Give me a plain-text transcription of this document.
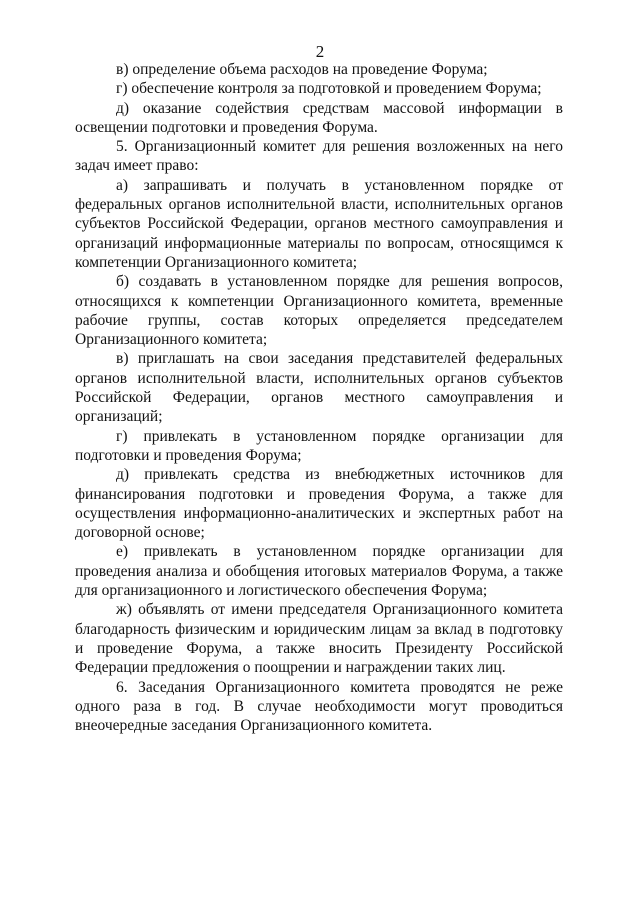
2

в) определение объема расходов на проведение Форума;

г) обеспечение контроля за подготовкой и проведением Форума;

д) оказание содействия средствам массовой информации в освещении подготовки и проведения Форума.

5. Организационный комитет для решения возложенных на него задач имеет право:

а) запрашивать и получать в установленном порядке от федеральных органов исполнительной власти, исполнительных органов субъектов Российской Федерации, органов местного самоуправления и организаций информационные материалы по вопросам, относящимся к компетенции Организационного комитета;

б) создавать в установленном порядке для решения вопросов, относящихся к компетенции Организационного комитета, временные рабочие группы, состав которых определяется председателем Организационного комитета;

в) приглашать на свои заседания представителей федеральных органов исполнительной власти, исполнительных органов субъектов Российской Федерации, органов местного самоуправления и организаций;

г) привлекать в установленном порядке организации для подготовки и проведения Форума;

д) привлекать средства из внебюджетных источников для финансирования подготовки и проведения Форума, а также для осуществления информационно-аналитических и экспертных работ на договорной основе;

е) привлекать в установленном порядке организации для проведения анализа и обобщения итоговых материалов Форума, а также для организационного и логистического обеспечения Форума;

ж) объявлять от имени председателя Организационного комитета благодарность физическим и юридическим лицам за вклад в подготовку и проведение Форума, а также вносить Президенту Российской Федерации предложения о поощрении и награждении таких лиц.

6. Заседания Организационного комитета проводятся не реже одного раза в год. В случае необходимости могут проводиться внеочередные заседания Организационного комитета.
